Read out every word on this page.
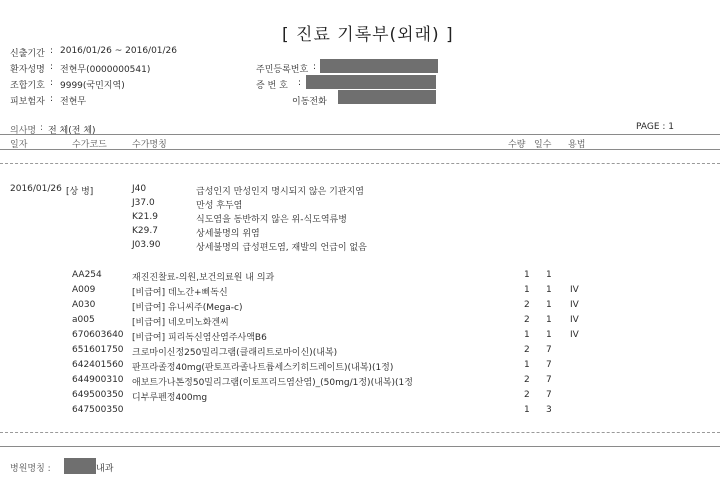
[ 진료 기록부(외래) ]
신출기간 : 2016/01/26 ~ 2016/01/26
환자성명 : 전현무(0000000541)
조합기호 : 9999(국민지역)
피보험자 : 전현무
주민등록번호 :
증 번 호 :
이동전화
의사명 : 전 체(전 체)	PAGE : 1
일자	수가코드	수가명칭	수량 일수 용법
2016/01/26 [상 병]	J40	급성인지 만성인지 명시되지 않은 기관지염
J37.0	만성 후두염
K21.9	식도염을 동반하지 않은 위-식도역류병
K29.7	상세불명의 위염
J03.90	상세불명의 급성편도염, 재발의 언급이 없음
AA254	재진진찰료-의원,보건의료원 내 의과	1 1
A009	[비급여] 데노간+삐독신	1 1 IV
A030	[비급여] 유니씨주(Mega-c)	2 1 IV
a005	[비급여] 네오미노화겐씨	2 1 IV
670603640 [비급여] 피리독신염산염주사액B6	1 1 IV
651601750 크로마이신정250밀리그램(클래리트로마이신)(내복)	2 7
642401560 판프라졸정40mg(판토프라졸나트륨세스키히드레이트)(내복)(1정)	1 7
644900310 애보트가나톤정50밀리그램(이토프리드염산염)_(50mg/1정)(내복)(1정	2 7
649500350 디부루펜정400mg	2 7
647500350	1 3
병원명칭 :	내과
